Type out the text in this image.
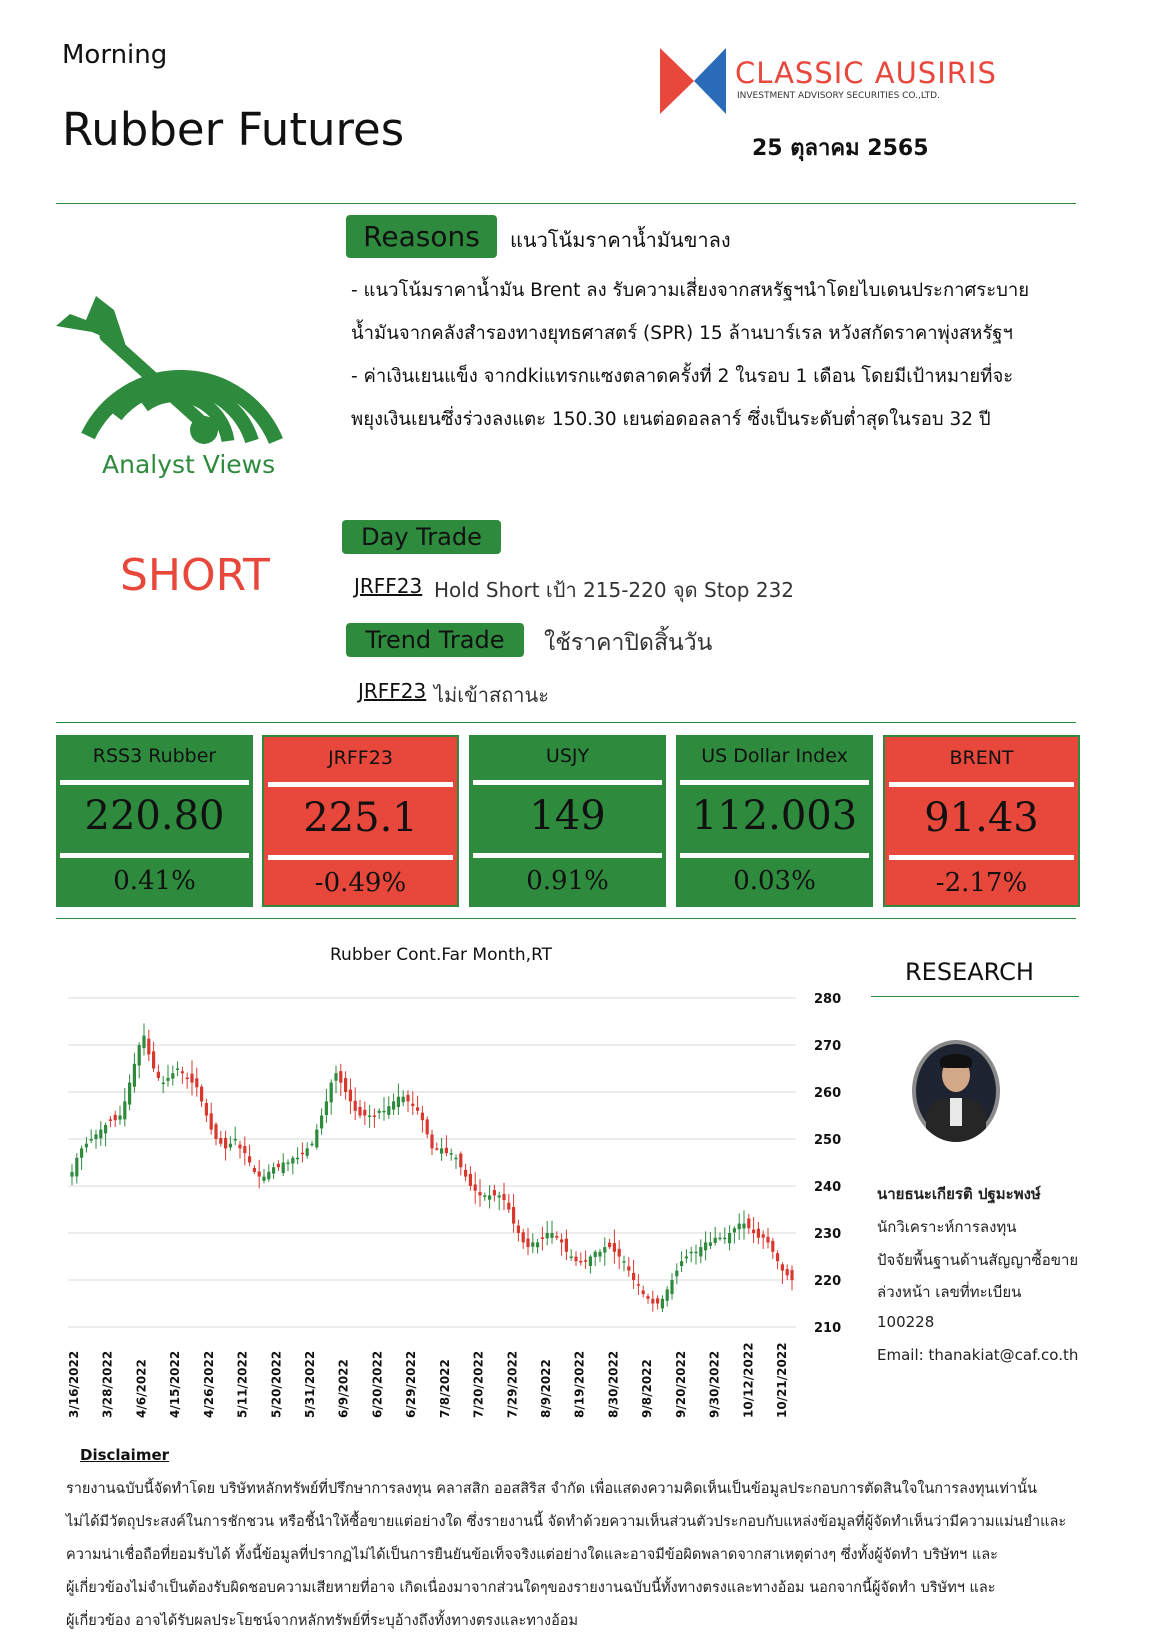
Morning
Rubber Futures
CLASSIC AUSIRIS
INVESTMENT ADVISORY SECURITIES CO.,LTD.
25 ตุลาคม 2565
Analyst Views
SHORT
Reasons	แนวโน้มราคาน้ำมันขาลง
- แนวโน้มราคาน้ำมัน Brent ลง รับความเสี่ยงจากสหรัฐฯนำโดยไบเดนประกาศระบาย
น้ำมันจากคลังสำรองทางยุทธศาสตร์ (SPR) 15 ล้านบาร์เรล หวังสกัดราคาพุ่งสหรัฐฯ
- ค่าเงินเยนแข็ง จากdkiแทรกแซงตลาดครั้งที่ 2 ในรอบ 1 เดือน โดยมีเป้าหมายที่จะ
พยุงเงินเยนซึ่งร่วงลงแตะ 150.30 เยนต่อดอลลาร์ ซึ่งเป็นระดับต่ำสุดในรอบ 32 ปี
Day Trade
JRFF23 Hold Short เป้า 215-220 จุด Stop 232
Trend Trade	ใช้ราคาปิดสิ้นวัน
JRFF23 ไม่เข้าสถานะ
RSS3 Rubber
220.80
0.41%
JRFF23
225.1
-0.49%
USJY
149
0.91%
US Dollar Index
112.003
0.03%
BRENT
91.43
-2.17%
Rubber Cont.Far Month,RT
210
220
230
240
250
260
270
280
3/16/2022 3/28/2022 4/6/2022 4/15/2022 4/26/2022 5/11/2022 5/20/2022 5/31/2022 6/9/2022 6/20/2022 6/29/2022 7/8/2022 7/20/2022 7/29/2022 8/9/2022 8/19/2022 8/30/2022 9/8/2022 9/20/2022 9/30/2022 10/12/2022 10/21/2022
RESEARCH
นายธนะเกียรติ ปฐมะพงษ์
นักวิเคราะห์การลงทุน
ปัจจัยพื้นฐานด้านสัญญาซื้อขาย
ล่วงหน้า เลขที่ทะเบียน
100228
Email: thanakiat@caf.co.th
Disclaimer
รายงานฉบับนี้จัดทำโดย บริษัทหลักทรัพย์ที่ปรึกษาการลงทุน คลาสสิก ออสสิริส จำกัด เพื่อแสดงความคิดเห็นเป็นข้อมูลประกอบการตัดสินใจในการลงทุนเท่านั้น
ไม่ได้มีวัตถุประสงค์ในการชักชวน หรือชี้นำให้ซื้อขายแต่อย่างใด ซึ่งรายงานนี้ จัดทำด้วยความเห็นส่วนตัวประกอบกับแหล่งข้อมูลที่ผู้จัดทำเห็นว่ามีความแม่นยำและ
ความน่าเชื่อถือที่ยอมรับได้ ทั้งนี้ข้อมูลที่ปรากฏไม่ได้เป็นการยืนยันข้อเท็จจริงแต่อย่างใดและอาจมีข้อผิดพลาดจากสาเหตุต่างๆ ซึ่งทั้งผู้จัดทำ บริษัทฯ และ
ผู้เกี่ยวข้องไม่จำเป็นต้องรับผิดชอบความเสียหายที่อาจ เกิดเนื่องมาจากส่วนใดๆของรายงานฉบับนี้ทั้งทางตรงและทางอ้อม นอกจากนี้ผู้จัดทำ บริษัทฯ และ
ผู้เกี่ยวข้อง อาจได้รับผลประโยชน์จากหลักทรัพย์ที่ระบุอ้างถึงทั้งทางตรงและทางอ้อม
